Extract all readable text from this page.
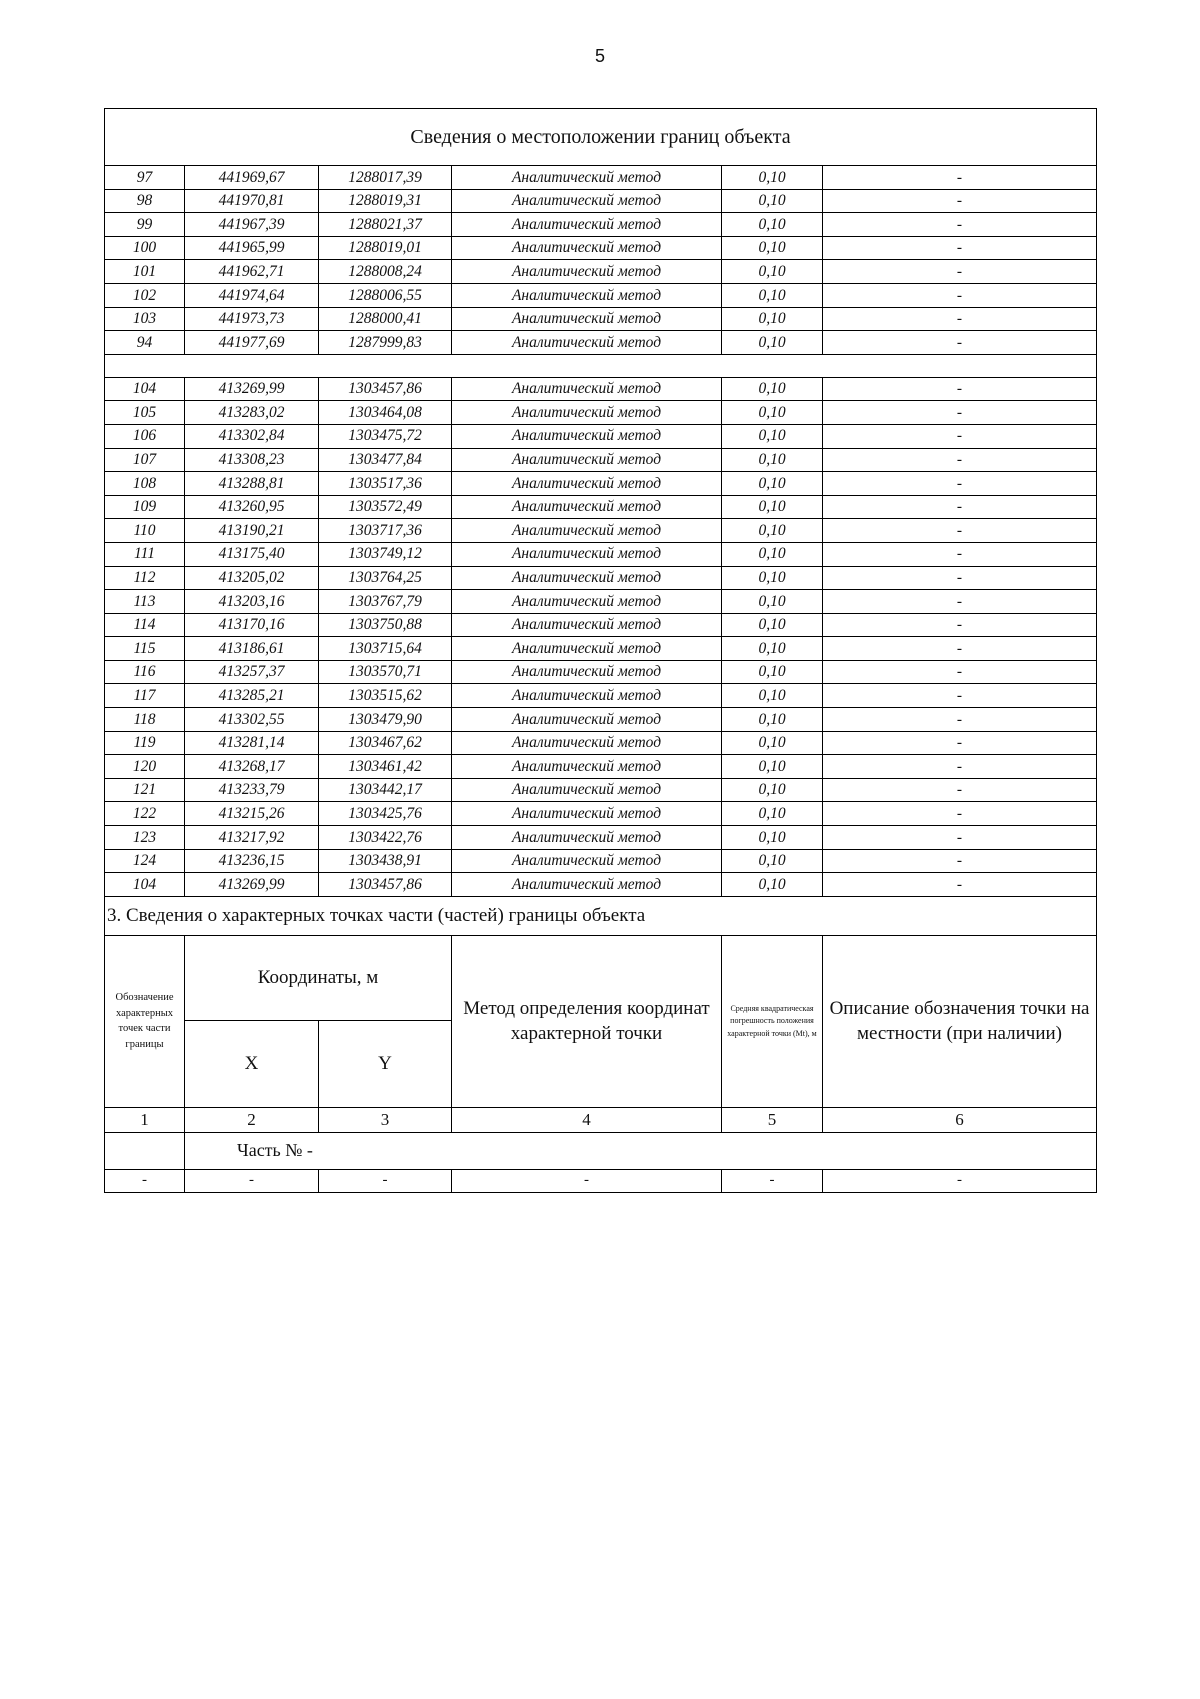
5
Сведения о местоположении границ объекта					
97	441969,67	1288017,39	Аналитический метод	0,10	-
98	441970,81	1288019,31	Аналитический метод	0,10	-
99	441967,39	1288021,37	Аналитический метод	0,10	-
100	441965,99	1288019,01	Аналитический метод	0,10	-
101	441962,71	1288008,24	Аналитический метод	0,10	-
102	441974,64	1288006,55	Аналитический метод	0,10	-
103	441973,73	1288000,41	Аналитический метод	0,10	-
94	441977,69	1287999,83	Аналитический метод	0,10	-

104	413269,99	1303457,86	Аналитический метод	0,10	-
105	413283,02	1303464,08	Аналитический метод	0,10	-
106	413302,84	1303475,72	Аналитический метод	0,10	-
107	413308,23	1303477,84	Аналитический метод	0,10	-
108	413288,81	1303517,36	Аналитический метод	0,10	-
109	413260,95	1303572,49	Аналитический метод	0,10	-
110	413190,21	1303717,36	Аналитический метод	0,10	-
111	413175,40	1303749,12	Аналитический метод	0,10	-
112	413205,02	1303764,25	Аналитический метод	0,10	-
113	413203,16	1303767,79	Аналитический метод	0,10	-
114	413170,16	1303750,88	Аналитический метод	0,10	-
115	413186,61	1303715,64	Аналитический метод	0,10	-
116	413257,37	1303570,71	Аналитический метод	0,10	-
117	413285,21	1303515,62	Аналитический метод	0,10	-
118	413302,55	1303479,90	Аналитический метод	0,10	-
119	413281,14	1303467,62	Аналитический метод	0,10	-
120	413268,17	1303461,42	Аналитический метод	0,10	-
121	413233,79	1303442,17	Аналитический метод	0,10	-
122	413215,26	1303425,76	Аналитический метод	0,10	-
123	413217,92	1303422,76	Аналитический метод	0,10	-
124	413236,15	1303438,91	Аналитический метод	0,10	-
104	413269,99	1303457,86	Аналитический метод	0,10	-
3. Сведения о характерных точках части (частей) границы объекта					
Обозначение характерных точек части границы	Координаты, м		Метод определения координат характерной точки	Средняя квадратическая погрешность положения характерной точки (Mt), м	Описание обозначения точки на местности (при наличии)
	X	Y			
1	2	3	4	5	6
	Часть № -				
-	-	-	-	-	-
